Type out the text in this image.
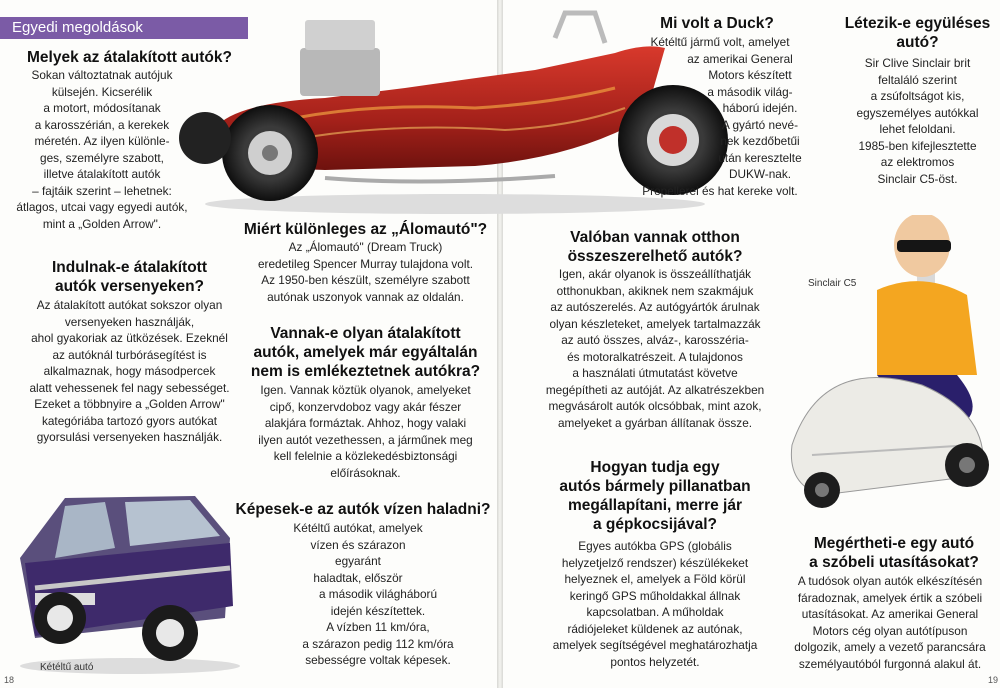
Egyedi megoldások
Melyek az átalakított autók?
Sokan változtatnak autójuk
külsején. Kicserélik
a motort, módosítanak
a karosszérián, a kerekek
méretén. Az ilyen különle-
ges, személyre szabott,
illetve átalakított autók
– fajtáik szerint – lehetnek:
átlagos, utcai vagy egyedi autók,
mint a „Golden Arrow".
Indulnak-e átalakított
autók versenyeken?
Az átalakított autókat sokszor olyan
versenyeken használják,
ahol gyakoriak az ütközések. Ezeknél
az autóknál turbórásegítést is
alkalmaznak, hogy másodpercek
alatt vehessenek fel nagy sebességet.
Ezeket a többnyire a „Golden Arrow"
kategóriába tartozó gyors autókat
gyorsulási versenyeken használják.
Miért különleges az „Álomautó"?
Az „Álomautó" (Dream Truck)
eredetileg Spencer Murray tulajdona volt.
Az 1950-ben készült, személyre szabott
autónak uszonyok vannak az oldalán.
Vannak-e olyan átalakított
autók, amelyek már egyáltalán
nem is emlékeztetnek autókra?
Igen. Vannak köztük olyanok, amelyeket
cipő, konzervdoboz vagy akár fészer
alakjára formáztak. Ahhoz, hogy valaki
ilyen autót vezethessen, a járműnek meg
kell felelnie a közlekedésbiztonsági
előírásoknak.
Képesek-e az autók vízen haladni?
Kétéltű autókat, amelyek
vízen és szárazon
egyaránt
haladtak, először
a második világháború
idején készítettek.
A vízben 11 km/óra,
a szárazon pedig 112 km/óra
sebességre voltak képesek.
Kétéltű autó
18
Mi volt a Duck?
Kétéltű jármű volt, amelyet
az amerikai General
Motors készített
a második világ-
háború idején.
A gyártó nevé-
nek kezdőbetűi
után keresztelte
DUKW-nak.
Propellerei és hat kereke volt.
Létezik-e együléses
autó?
Sir Clive Sinclair brit
feltaláló szerint
a zsúfoltságot kis,
egyszemélyes autókkal
lehet feloldani.
1985-ben kifejlesztette
az elektromos
Sinclair C5-öst.
Valóban vannak otthon
összeszerelhető autók?
Igen, akár olyanok is összeállíthatják
otthonukban, akiknek nem szakmájuk
az autószerelés. Az autógyártók árulnak
olyan készleteket, amelyek tartalmazzák
az autó összes, alváz-, karosszéria-
és motoralkatrészeit. A tulajdonos
a használati útmutatást követve
megépítheti az autóját. Az alkatrészekben
megvásárolt autók olcsóbbak, mint azok,
amelyeket a gyárban állítanak össze.
Hogyan tudja egy
autós bármely pillanatban
megállapítani, merre jár
a gépkocsijával?
Egyes autókba GPS (globális
helyzetjelző rendszer) készülékeket
helyeznek el, amelyek a Föld körül
keringő GPS műholdakkal állnak
kapcsolatban. A műholdak
rádiójeleket küldenek az autónak,
amelyek segítségével meghatározhatja
pontos helyzetét.
Sinclair C5
Megértheti-e egy autó
a szóbeli utasításokat?
A tudósok olyan autók elkészítésén
fáradoznak, amelyek értik a szóbeli
utasításokat. Az amerikai General
Motors cég olyan autótípuson
dolgozik, amely a vezető parancsára
személyautóból furgonná alakul át.
19
